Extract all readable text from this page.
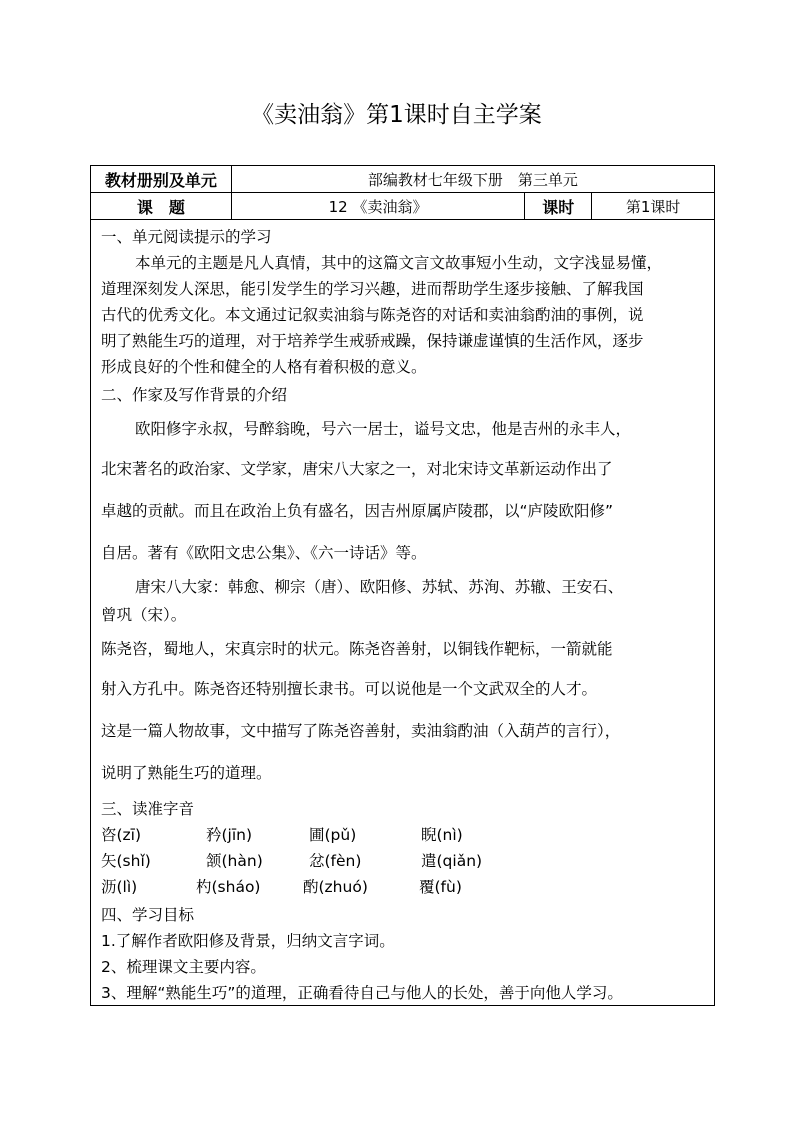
《卖油翁》第1课时自主学案
教材册别及单元	部编教材七年级下册　第三单元		
课　题	12 《卖油翁》	课时	第1课时
一、单元阅读提示的学习
本单元的主题是凡人真情，其中的这篇文言文故事短小生动，文字浅显易懂，
道理深刻发人深思，能引发学生的学习兴趣，进而帮助学生逐步接触、了解我国
古代的优秀文化。本文通过记叙卖油翁与陈尧咨的对话和卖油翁酌油的事例，说
明了熟能生巧的道理，对于培养学生戒骄戒躁，保持谦虚谨慎的生活作风，逐步
形成良好的个性和健全的人格有着积极的意义。
二、作家及写作背景的介绍
欧阳修字永叔，号醉翁晚，号六一居士，谥号文忠，他是吉州的永丰人，
北宋著名的政治家、文学家，唐宋八大家之一，对北宋诗文革新运动作出了
卓越的贡献。而且在政治上负有盛名，因吉州原属庐陵郡，以“庐陵欧阳修”
自居。著有《欧阳文忠公集》、《六一诗话》等。
唐宋八大家：韩愈、柳宗（唐）、欧阳修、苏轼、苏洵、苏辙、王安石、
曾巩（宋）。
陈尧咨，蜀地人，宋真宗时的状元。陈尧咨善射，以铜钱作靶标，一箭就能
射入方孔中。陈尧咨还特别擅长隶书。可以说他是一个文武双全的人才。
这是一篇人物故事，文中描写了陈尧咨善射，卖油翁酌油（入葫芦的言行），
说明了熟能生巧的道理。
三、读准字音
咨(zī)	矜(jīn)	圃(pǔ)	睨(nì)
矢(shǐ)	颔(hàn)	忿(fèn)	遣(qiǎn)
沥(lì)	杓(sháo)	酌(zhuó)	覆(fù)
四、学习目标
1.了解作者欧阳修及背景，归纳文言字词。
2、梳理课文主要内容。
3、理解“熟能生巧”的道理，正确看待自己与他人的长处，善于向他人学习。
